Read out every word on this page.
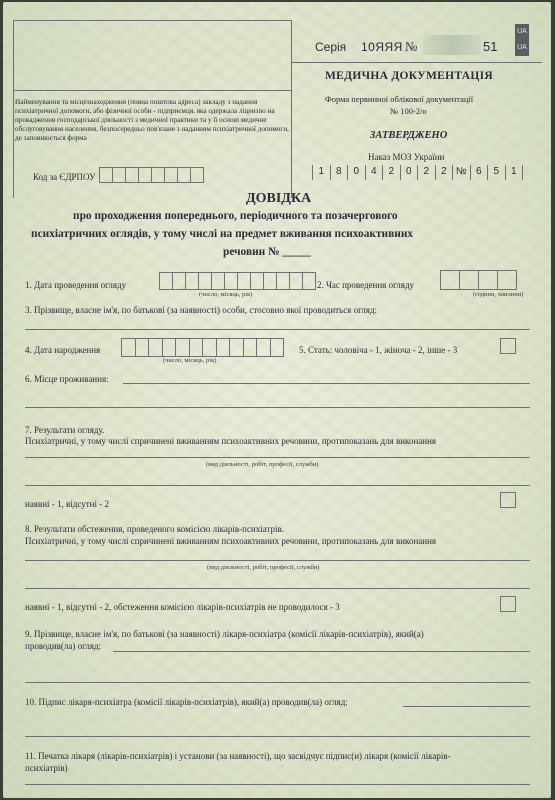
Найменування та місцезнаходження (повна поштова адреса) закладу з надання психіатричної допомоги, або фізичної особи - підприємця, яка одержала ліцензію на провадження господарської діяльності з медичної практики та у її основі медичне обслуговування населення, безпосередньо пов'язане з наданням психіатричної допомоги, де заповнюється форма
Код за ЄДРПОУ
Серія 10ЯЯЯ №	51
UA
UA
МЕДИЧНА ДОКУМЕНТАЦІЯ
Форма первинної облікової документації
№ 100-2/о
ЗАТВЕРДЖЕНО
Наказ МОЗ України
1	8	0	4	2	0	2	2 № 6	5	1
ДОВІДКА
про проходження попереднього, періодичного та позачергового
психіатричних оглядів, у тому числі на предмет вживання психоактивних
речовин № _____
1. Дата проведення огляду
(число, місяць, рік)
2. Час проведення огляду
(години, хвилини)
3. Прізвище, власне ім'я, по батькові (за наявності) особи, стосовно якої проводиться огляд:
4. Дата народження
(число, місяць, рік)
5. Стать: чоловіча - 1, жіноча - 2, інше - 3
6. Місце проживання:
7. Результати огляду.
Психіатричні, у тому числі спричинені вживанням психоактивних речовини, протипоказань для виконання
(вид діяльності, робіт, професії, служби)
наявні - 1, відсутні - 2
8. Результати обстеження, проведеного комісією лікарів-психіатрів.
Психіатричні, у тому числі спричинені вживанням психоактивних речовини, протипоказань для виконання
(вид діяльності, робіт, професії, служби)
наявні - 1, відсутні - 2, обстеження комісією лікарів-психіатрів не проводилося - 3
9. Прізвище, власне ім'я, по батькові (за наявності) лікаря-психіатра (комісії лікарів-психіатрів), який(а)
проводив(ла) огляд:
10. Підпис лікаря-психіатра (комісії лікарів-психіатрів), який(а) проводив(ла) огляд:
11. Печатка лікаря (лікарів-психіатрів) і установи (за наявності), що засвідчує підпис(и) лікаря (комісії лікарів-
психіатрів)
